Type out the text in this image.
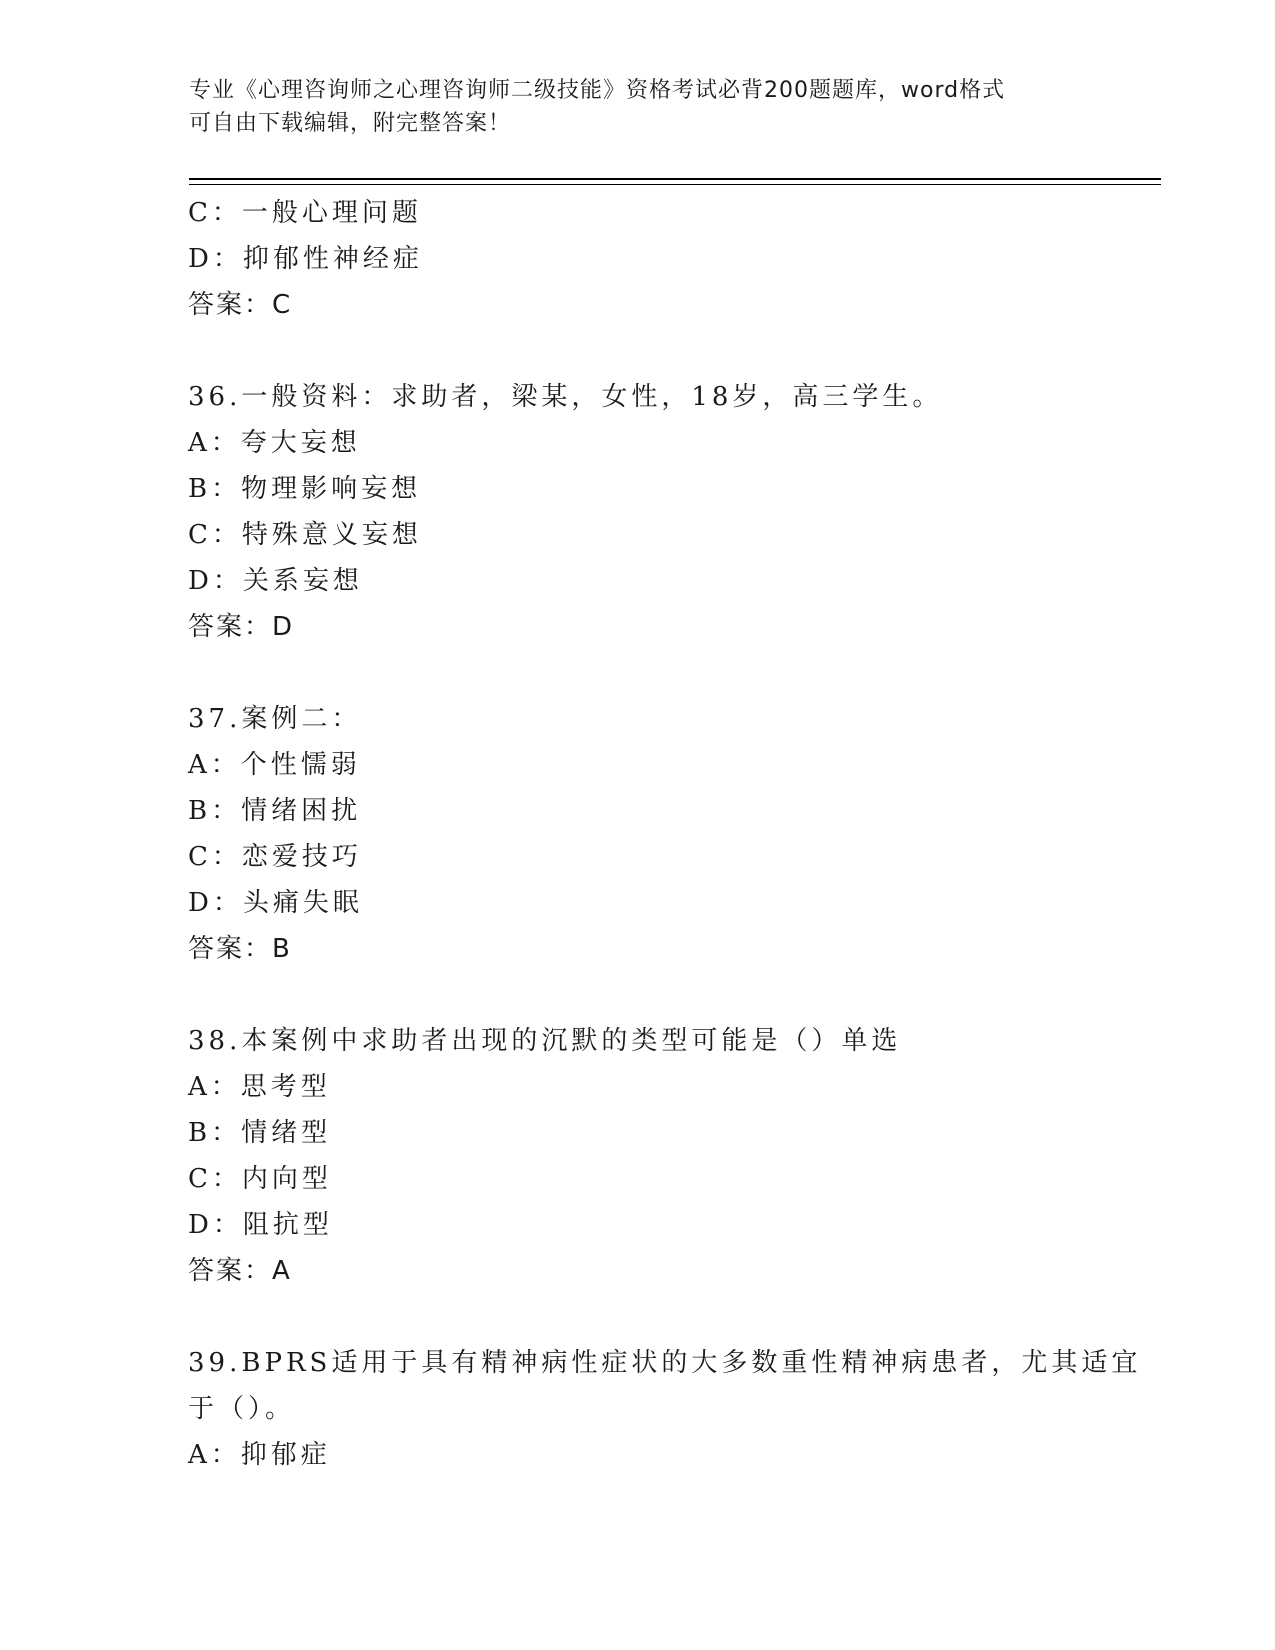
专业《心理咨询师之心理咨询师二级技能》资格考试必背200题题库，word格式
可自由下载编辑，附完整答案！
C：一般心理问题
D：抑郁性神经症
答案：C
36.一般资料：求助者，梁某，女性，18岁，高三学生。
A：夸大妄想
B：物理影响妄想
C：特殊意义妄想
D：关系妄想
答案：D
37.案例二：
A：个性懦弱
B：情绪困扰
C：恋爱技巧
D：头痛失眠
答案：B
38.本案例中求助者出现的沉默的类型可能是（）单选
A：思考型
B：情绪型
C：内向型
D：阻抗型
答案：A
39.BPRS适用于具有精神病性症状的大多数重性精神病患者，尤其适宜
于（）。
A：抑郁症
